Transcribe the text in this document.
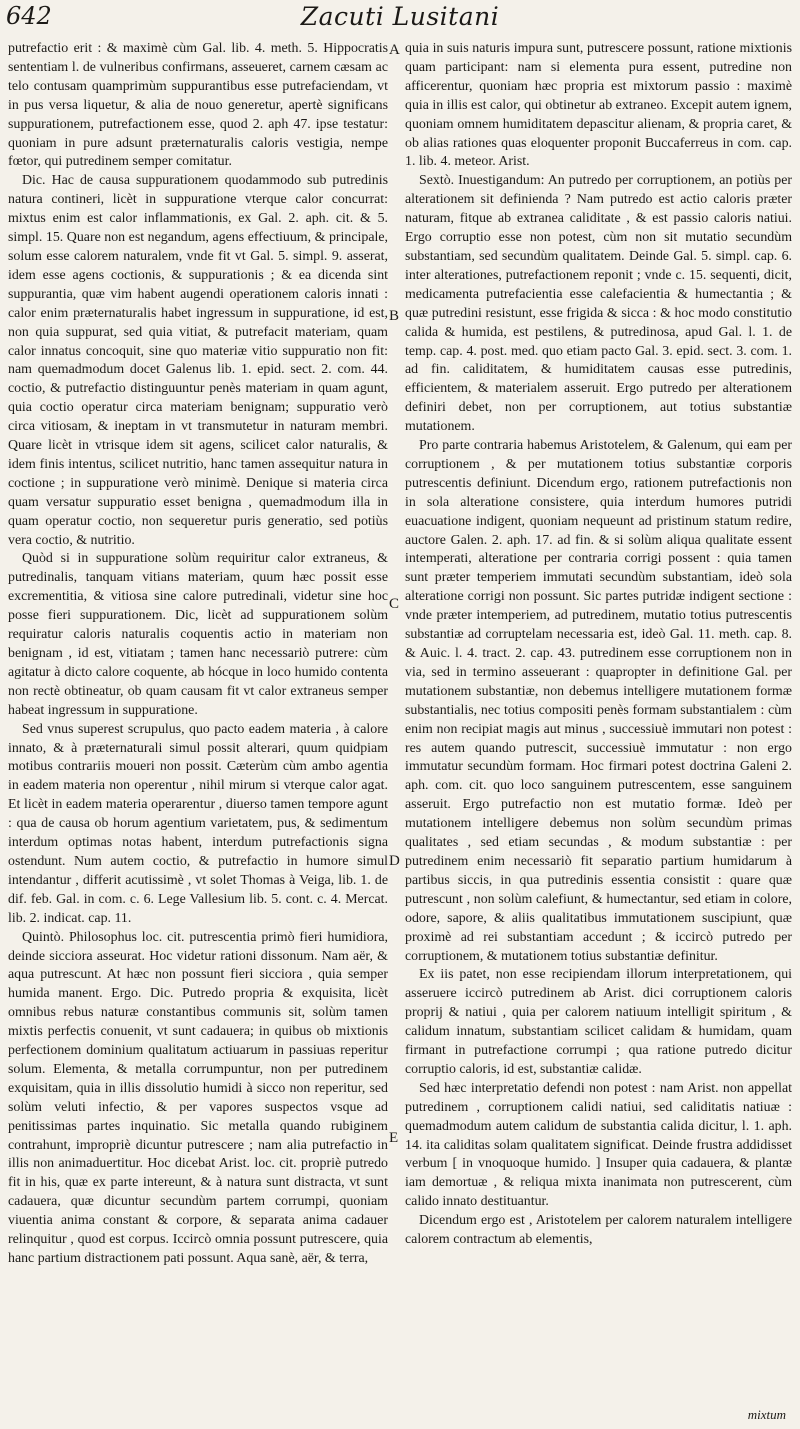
642	Zacuti Lusitani

putrefactio erit : & maximè cùm Gal. lib. 4. meth. 5. Hippocratis sententiam l. de vulneribus confirmans, asseueret, carnem cæsam ac telo contusam quamprimùm suppurantibus esse putrefaciendam, vt in pus versa liquetur, & alia de nouo generetur, apertè significans suppurationem, putrefactionem esse, quod 2. aph 47. ipse testatur: quoniam in pure adsunt præternaturalis caloris vestigia, nempe fœtor, qui putredinem semper comitatur.

Dic. Hac de causa suppurationem quodammodo sub putredinis natura contineri, licèt in suppuratione vterque calor concurrat: mixtus enim est calor inflammationis, ex Gal. 2. aph. cit. & 5. simpl. 15. Quare non est negandum, agens effectiuum, & principale, solum esse calorem naturalem, vnde fit vt Gal. 5. simpl. 9. asserat, idem esse agens coctionis, & suppurationis ; & ea dicenda sint suppurantia, quæ vim habent augendi operationem caloris innati : calor enim præternaturalis habet ingressum in suppuratione, id est, non quia suppurat, sed quia vitiat, & putrefacit materiam, quam calor innatus concoquit, sine quo materiæ vitio suppuratio non fit: nam quemadmodum docet Galenus lib. 1. epid. sect. 2. com. 44. coctio, & putrefactio distinguuntur penès materiam in quam agunt, quia coctio operatur circa materiam benignam; suppuratio verò circa vitiosam, & ineptam in vt transmutetur in naturam membri. Quare licèt in vtrisque idem sit agens, scilicet calor naturalis, & idem finis intentus, scilicet nutritio, hanc tamen assequitur natura in coctione ; in suppuratione verò minimè. Denique si materia circa quam versatur suppuratio esset benigna , quemadmodum illa in quam operatur coctio, non sequeretur puris generatio, sed potiùs vera coctio, & nutritio.

Quòd si in suppuratione solùm requiritur calor extraneus, & putredinalis, tanquam vitians materiam, quum hæc possit esse excrementitia, & vitiosa sine calore putredinali, videtur sine hoc posse fieri suppurationem. Dic, licèt ad suppurationem solùm requiratur caloris naturalis coquentis actio in materiam non benignam , id est, vitiatam ; tamen hanc necessariò putrere: cùm agitatur à dicto calore coquente, ab hócque in loco humido contenta non rectè obtineatur, ob quam causam fit vt calor extraneus semper habeat ingressum in suppuratione.

Sed vnus superest scrupulus, quo pacto eadem materia , à calore innato, & à præternaturali simul possit alterari, quum quidpiam motibus contrariis moueri non possit. Cæterùm cùm ambo agentia in eadem materia non operentur , nihil mirum si vterque calor agat. Et licèt in eadem materia operarentur , diuerso tamen tempore agunt : qua de causa ob horum agentium varietatem, pus, & sedimentum interdum optimas notas habent, interdum putrefactionis signa ostendunt. Num autem coctio, & putrefactio in humore simul intendantur , differit acutissimè , vt solet Thomas à Veiga, lib. 1. de dif. feb. Gal. in com. c. 6. Lege Vallesium lib. 5. cont. c. 4. Mercat. lib. 2. indicat. cap. 11.

Quintò. Philosophus loc. cit. putrescentia primò fieri humidiora, deinde sicciora asseurat. Hoc videtur rationi dissonum. Nam aër, & aqua putrescunt. At hæc non possunt fieri sicciora , quia semper humida manent. Ergo. Dic. Putredo propria & exquisita, licèt omnibus rebus naturæ constantibus communis sit, solùm tamen mixtis perfectis conuenit, vt sunt cadauera; in quibus ob mixtionis perfectionem dominium qualitatum actiuarum in passiuas reperitur solum. Elementa, & metalla corrumpuntur, non per putredinem exquisitam, quia in illis dissolutio humidi à sicco non reperitur, sed solùm veluti infectio, & per vapores suspectos vsque ad penitissimas partes inquinatio. Sic metalla quando rubiginem contrahunt, impropriè dicuntur putrescere ; nam alia putrefactio in illis non animaduertitur. Hoc dicebat Arist. loc. cit. propriè putredo fit in his, quæ ex parte intereunt, & à natura sunt distracta, vt sunt cadauera, quæ dicuntur secundùm partem corrumpi, quoniam viuentia anima constant & corpore, & separata anima cadauer relinquitur , quod est corpus. Iccircò omnia possunt putrescere, quia hanc partium distractionem pati possunt. Aqua sanè, aër, & terra,

A
B
C
D
E

quia in suis naturis impura sunt, putrescere possunt, ratione mixtionis quam participant: nam si elementa pura essent, putredine non afficerentur, quoniam hæc propria est mixtorum passio : maximè quia in illis est calor, qui obtinetur ab extraneo. Excepit autem ignem, quoniam omnem humiditatem depascitur alienam, & propria caret, & ob alias rationes quas eloquenter proponit Buccaferreus in com. cap. 1. lib. 4. meteor. Arist.

Sextò. Inuestigandum: An putredo per corruptionem, an potiùs per alterationem sit definienda ? Nam putredo est actio caloris præter naturam, fitque ab extranea caliditate , & est passio caloris natiui. Ergo corruptio esse non potest, cùm non sit mutatio secundùm substantiam, sed secundùm qualitatem. Deinde Gal. 5. simpl. cap. 6. inter alterationes, putrefactionem reponit ; vnde c. 15. sequenti, dicit, medicamenta putrefacientia esse calefacientia & humectantia ; & quæ putredini resistunt, esse frigida & sicca : & hoc modo constitutio calida & humida, est pestilens, & putredinosa, apud Gal. l. 1. de temp. cap. 4. post. med. quo etiam pacto Gal. 3. epid. sect. 3. com. 1. ad fin. caliditatem, & humiditatem causas esse putredinis, efficientem, & materialem asseruit. Ergo putredo per alterationem definiri debet, non per corruptionem, aut totius substantiæ mutationem.

Pro parte contraria habemus Aristotelem, & Galenum, qui eam per corruptionem , & per mutationem totius substantiæ corporis putrescentis definiunt. Dicendum ergo, rationem putrefactionis non in sola alteratione consistere, quia interdum humores putridi euacuatione indigent, quoniam nequeunt ad pristinum statum redire, auctore Galen. 2. aph. 17. ad fin. & si solùm aliqua qualitate essent intemperati, alteratione per contraria corrigi possent : quia tamen sunt præter temperiem immutati secundùm substantiam, ideò sola alteratione corrigi non possunt. Sic partes putridæ indigent sectione : vnde præter intemperiem, ad putredinem, mutatio totius putrescentis substantiæ ad corruptelam necessaria est, ideò Gal. 11. meth. cap. 8. & Auic. l. 4. tract. 2. cap. 43. putredinem esse corruptionem non in via, sed in termino asseuerant : quapropter in definitione Gal. per mutationem substantiæ, non debemus intelligere mutationem formæ substantialis, nec totius compositi penès formam substantialem : cùm enim non recipiat magis aut minus , successiuè immutari non potest : res autem quando putrescit, successiuè immutatur : non ergo immutatur secundùm formam. Hoc firmari potest doctrina Galeni 2. aph. com. cit. quo loco sanguinem putrescentem, esse sanguinem asseruit. Ergo putrefactio non est mutatio formæ. Ideò per mutationem intelligere debemus non solùm secundùm primas qualitates , sed etiam secundas , & modum substantiæ : per putredinem enim necessariò fit separatio partium humidarum à partibus siccis, in qua putredinis essentia consistit : quare quæ putrescunt , non solùm calefiunt, & humectantur, sed etiam in colore, odore, sapore, & aliis qualitatibus immutationem suscipiunt, quæ proximè ad rei substantiam accedunt ; & iccircò putredo per corruptionem, & mutationem totius substantiæ definitur.

Ex iis patet, non esse recipiendam illorum interpretationem, qui asseruere iccircò putredinem ab Arist. dici corruptionem caloris proprij & natiui , quia per calorem natiuum intelligit spiritum , & calidum innatum, substantiam scilicet calidam & humidam, quam firmant in putrefactione corrumpi ; qua ratione putredo dicitur corruptio caloris, id est, substantiæ calidæ.

Sed hæc interpretatio defendi non potest : nam Arist. non appellat putredinem , corruptionem calidi natiui, sed caliditatis natiuæ : quemadmodum autem calidum de substantia calida dicitur, l. 1. aph. 14. ita caliditas solam qualitatem significat. Deinde frustra addidisset verbum [ in vnoquoque humido. ] Insuper quia cadauera, & plantæ iam demortuæ , & reliqua mixta inanimata non putrescerent, cùm calido innato destituantur.

Dicendum ergo est , Aristotelem per calorem naturalem intelligere calorem contractum ab elementis,

mixtum
